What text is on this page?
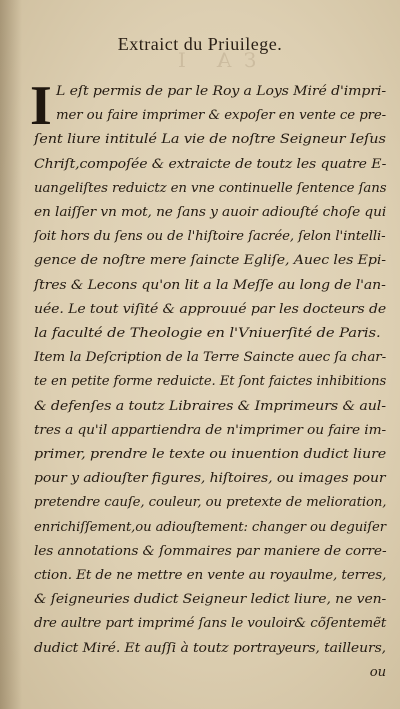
Ɛ A   I
Extraict du Priuilege.
I L eſt permis de par le Roy a Loys Miré d'impri-
mer ou faire imprimer & expoſer en vente ce pre-
ſent liure intitulé La vie de noſtre Seigneur Ieſus
Chriſt,compoſée & extraicte de toutz les quatre E-
uangeliſtes reduictz en vne continuelle ſentence ſans
en laiſſer vn mot, ne ſans y auoir adiouſté choſe qui
ſoit hors du ſens ou de l'hiſtoire ſacrée, ſelon l'intelli-
gence de noſtre mere ſaincte Egliſe, Auec les Epi-
ſtres & Lecons qu'on lit a la Meſſe au long de l'an-
uée. Le tout viſité & approuué par les docteurs de
la faculté de Theologie en l'Vniuerſité de Paris.
Item la Deſcription de la Terre Saincte auec ſa char-
te en petite forme reduicte. Et ſont faictes inhibitions
& defenſes a toutz Libraires & Imprimeurs & aul-
tres a qu'il appartiendra de n'imprimer ou faire im-
primer, prendre le texte ou inuention dudict liure
pour y adiouſter figures, hiſtoires, ou images pour
pretendre cauſe, couleur, ou pretexte de melioration,
enrichiſſement,ou adiouſtement: changer ou deguiſer
les annotations & ſommaires par maniere de corre-
ction. Et de ne mettre en vente au royaulme, terres,
& ſeigneuries dudict Seigneur ledict liure, ne ven-
dre aultre part imprimé ſans le vouloir& cõſentemẽt
dudict Miré. Et auſſi à toutz portrayeurs, tailleurs,
ou
